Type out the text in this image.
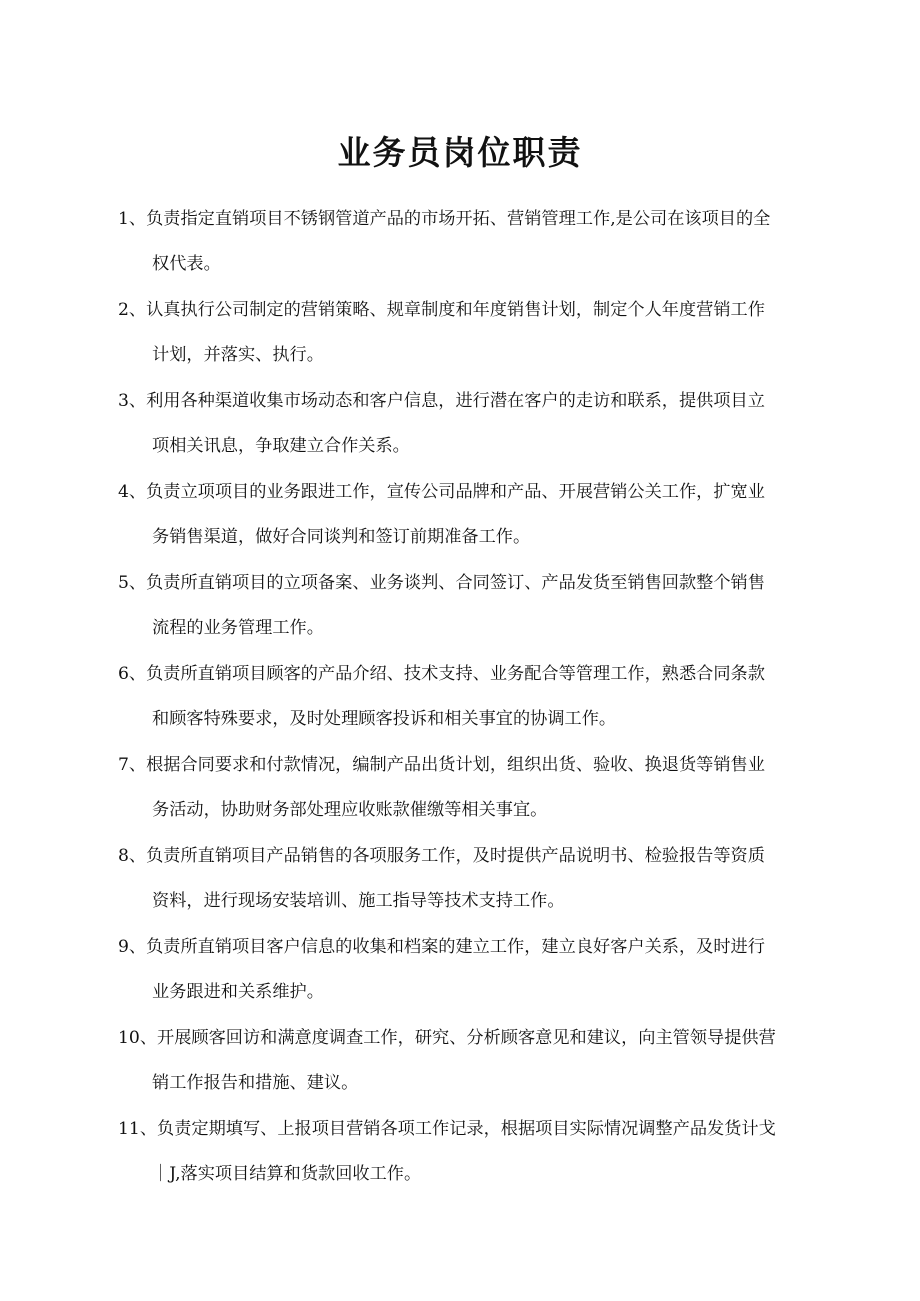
业务员岗位职责
1、负责指定直销项目不锈钢管道产品的市场开拓、营销管理工作,是公司在该项目的全
权代表。
2、认真执行公司制定的营销策略、规章制度和年度销售计划，制定个人年度营销工作
计划，并落实、执行。
3、利用各种渠道收集市场动态和客户信息，进行潜在客户的走访和联系，提供项目立
项相关讯息，争取建立合作关系。
4、负责立项项目的业务跟进工作，宣传公司品牌和产品、开展营销公关工作，扩宽业
务销售渠道，做好合同谈判和签订前期准备工作。
5、负责所直销项目的立项备案、业务谈判、合同签订、产品发货至销售回款整个销售
流程的业务管理工作。
6、负责所直销项目顾客的产品介绍、技术支持、业务配合等管理工作，熟悉合同条款
和顾客特殊要求，及时处理顾客投诉和相关事宜的协调工作。
7、根据合同要求和付款情况，编制产品出货计划，组织出货、验收、换退货等销售业
务活动，协助财务部处理应收账款催缴等相关事宜。
8、负责所直销项目产品销售的各项服务工作，及时提供产品说明书、检验报告等资质
资料，进行现场安装培训、施工指导等技术支持工作。
9、负责所直销项目客户信息的收集和档案的建立工作，建立良好客户关系，及时进行
业务跟进和关系维护。
10、开展顾客回访和满意度调查工作，研究、分析顾客意见和建议，向主管领导提供营
销工作报告和措施、建议。
11、负责定期填写、上报项目营销各项工作记录，根据项目实际情况调整产品发货计戈
｜J,落实项目结算和货款回收工作。
